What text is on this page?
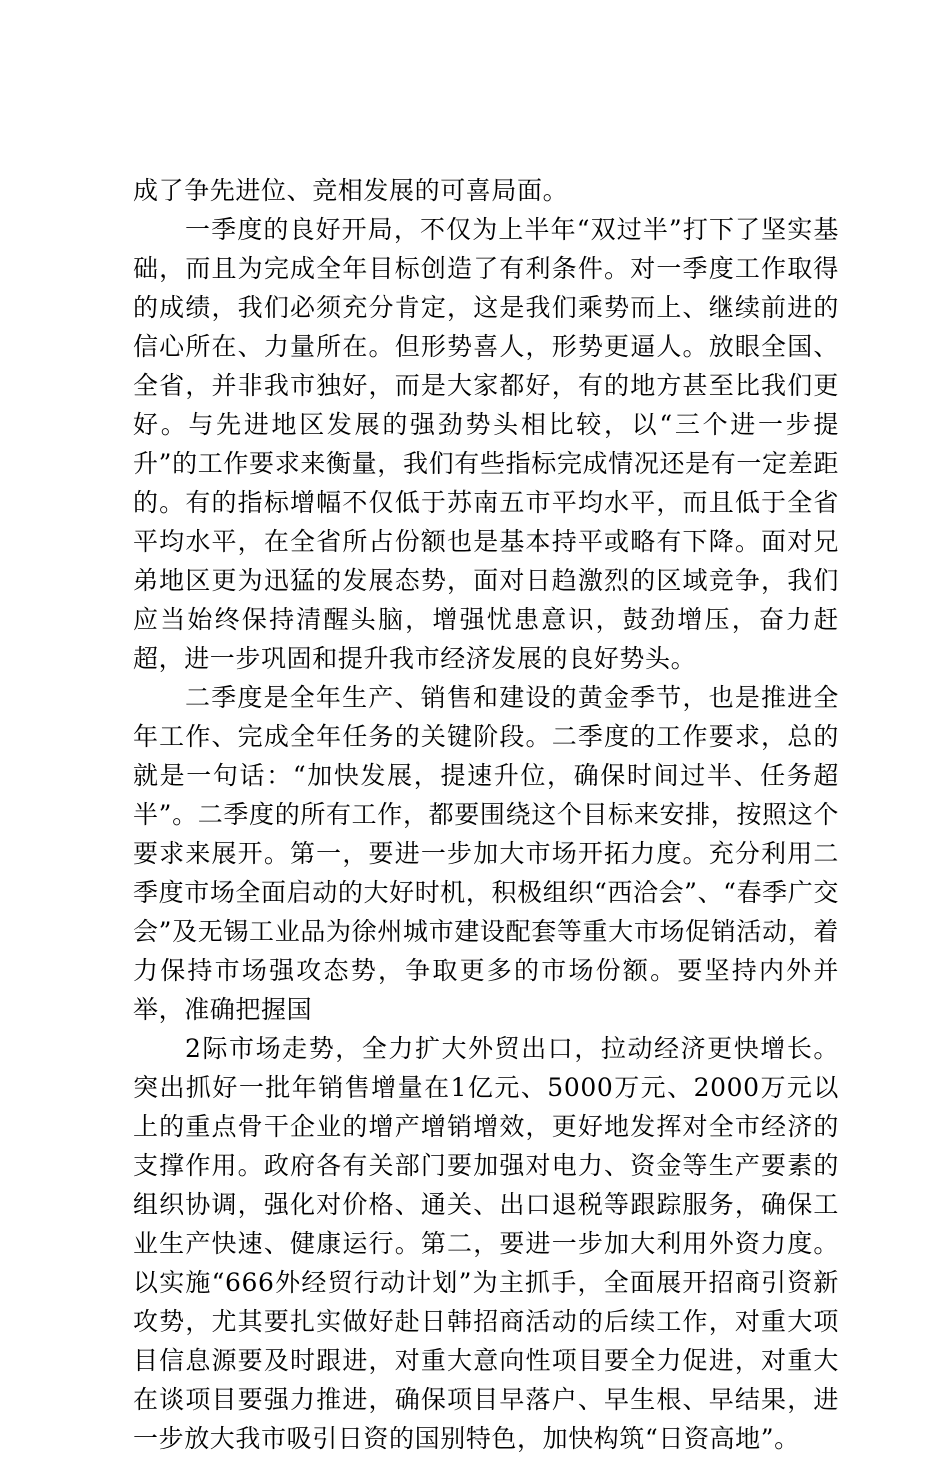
成了争先进位、竞相发展的可喜局面。

一季度的良好开局，不仅为上半年“双过半”打下了坚实基础，而且为完成全年目标创造了有利条件。对一季度工作取得的成绩，我们必须充分肯定，这是我们乘势而上、继续前进的信心所在、力量所在。但形势喜人，形势更逼人。放眼全国、全省，并非我市独好，而是大家都好，有的地方甚至比我们更好。与先进地区发展的强劲势头相比较，以“三个进一步提升”的工作要求来衡量，我们有些指标完成情况还是有一定差距的。有的指标增幅不仅低于苏南五市平均水平，而且低于全省平均水平，在全省所占份额也是基本持平或略有下降。面对兄弟地区更为迅猛的发展态势，面对日趋激烈的区域竞争，我们应当始终保持清醒头脑，增强忧患意识，鼓劲增压，奋力赶超，进一步巩固和提升我市经济发展的良好势头。

二季度是全年生产、销售和建设的黄金季节，也是推进全年工作、完成全年任务的关键阶段。二季度的工作要求，总的就是一句话：“加快发展，提速升位，确保时间过半、任务超半”。二季度的所有工作，都要围绕这个目标来安排，按照这个要求来展开。第一，要进一步加大市场开拓力度。充分利用二季度市场全面启动的大好时机，积极组织“西洽会”、“春季广交会”及无锡工业品为徐州城市建设配套等重大市场促销活动，着力保持市场强攻态势，争取更多的市场份额。要坚持内外并举，准确把握国

2际市场走势，全力扩大外贸出口，拉动经济更快增长。突出抓好一批年销售增量在1亿元、5000万元、2000万元以上的重点骨干企业的增产增销增效，更好地发挥对全市经济的支撑作用。政府各有关部门要加强对电力、资金等生产要素的组织协调，强化对价格、通关、出口退税等跟踪服务，确保工业生产快速、健康运行。第二，要进一步加大利用外资力度。以实施“666外经贸行动计划”为主抓手，全面展开招商引资新攻势，尤其要扎实做好赴日韩招商活动的后续工作，对重大项目信息源要及时跟进，对重大意向性项目要全力促进，对重大在谈项目要强力推进，确保项目早落户、早生根、早结果，进一步放大我市吸引日资的国别特色，加快构筑“日资高地”。
